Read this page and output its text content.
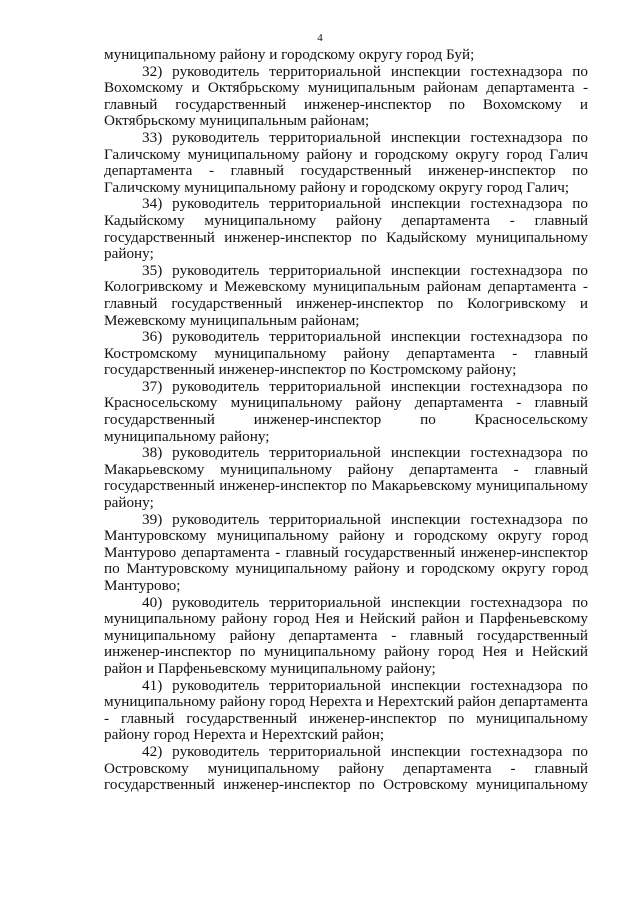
4
муниципальному району и городскому округу город Буй;
32) руководитель территориальной инспекции гостехнадзора по
Вохомскому и Октябрьскому муниципальным районам департамента -
главный государственный инженер-инспектор по Вохомскому и
Октябрьскому муниципальным районам;
33) руководитель территориальной инспекции гостехнадзора по
Галичскому муниципальному району и городскому округу город Галич
департамента - главный государственный инженер-инспектор по
Галичскому муниципальному району и городскому округу город Галич;
34) руководитель территориальной инспекции гостехнадзора по
Кадыйскому муниципальному району департамента - главный
государственный инженер-инспектор по Кадыйскому муниципальному
району;
35) руководитель территориальной инспекции гостехнадзора по
Кологривскому и Межевскому муниципальным районам департамента -
главный государственный инженер-инспектор по Кологривскому и
Межевскому муниципальным районам;
36) руководитель территориальной инспекции гостехнадзора по
Костромскому муниципальному району департамента - главный
государственный инженер-инспектор по Костромскому району;
37) руководитель территориальной инспекции гостехнадзора по
Красносельскому муниципальному району департамента - главный
государственный инженер-инспектор по Красносельскому
муниципальному району;
38) руководитель территориальной инспекции гостехнадзора по
Макарьевскому муниципальному району департамента - главный
государственный инженер-инспектор по Макарьевскому муниципальному
району;
39) руководитель территориальной инспекции гостехнадзора по
Мантуровскому муниципальному району и городскому округу город
Мантурово департамента - главный государственный инженер-инспектор
по Мантуровскому муниципальному району и городскому округу город
Мантурово;
40) руководитель территориальной инспекции гостехнадзора по
муниципальному району город Нея и Нейский район и Парфеньевскому
муниципальному району департамента - главный государственный
инженер-инспектор по муниципальному району город Нея и Нейский
район и Парфеньевскому муниципальному району;
41) руководитель территориальной инспекции гостехнадзора по
муниципальному району город Нерехта и Нерехтский район департамента
- главный государственный инженер-инспектор по муниципальному
району город Нерехта и Нерехтский район;
42) руководитель территориальной инспекции гостехнадзора по
Островскому муниципальному району департамента - главный
государственный инженер-инспектор по Островскому муниципальному
